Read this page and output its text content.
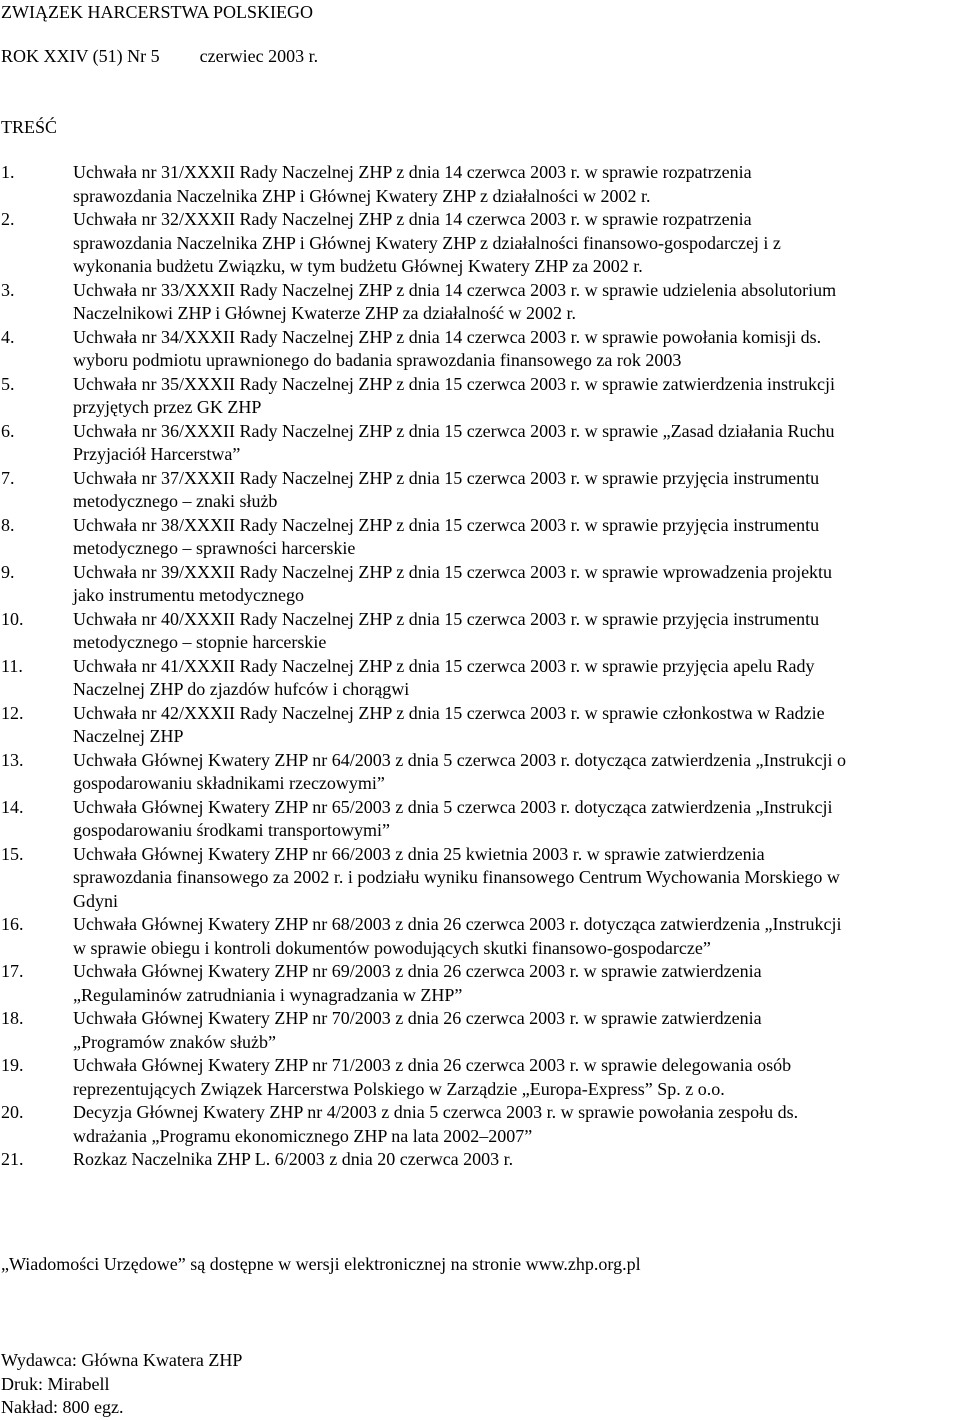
ZWIĄZEK HARCERSTWA POLSKIEGO
ROK XXIV (51) Nr 5 czerwiec 2003 r.
TREŚĆ
1.	Uchwała nr 31/XXXII Rady Naczelnej ZHP z dnia 14 czerwca 2003 r. w sprawie rozpatrzenia
sprawozdania Naczelnika ZHP i Głównej Kwatery ZHP z działalności w 2002 r.
2.	Uchwała nr 32/XXXII Rady Naczelnej ZHP z dnia 14 czerwca 2003 r. w sprawie rozpatrzenia
sprawozdania Naczelnika ZHP i Głównej Kwatery ZHP z działalności finansowo-gospodarczej i z
wykonania budżetu Związku, w tym budżetu Głównej Kwatery ZHP za 2002 r.
3.	Uchwała nr 33/XXXII Rady Naczelnej ZHP z dnia 14 czerwca 2003 r. w sprawie udzielenia absolutorium
Naczelnikowi ZHP i Głównej Kwaterze ZHP za działalność w 2002 r.
4.	Uchwała nr 34/XXXII Rady Naczelnej ZHP z dnia 14 czerwca 2003 r. w sprawie powołania komisji ds.
wyboru podmiotu uprawnionego do badania sprawozdania finansowego za rok 2003
5.	Uchwała nr 35/XXXII Rady Naczelnej ZHP z dnia 15 czerwca 2003 r. w sprawie zatwierdzenia instrukcji
przyjętych przez GK ZHP
6.	Uchwała nr 36/XXXII Rady Naczelnej ZHP z dnia 15 czerwca 2003 r. w sprawie „Zasad działania Ruchu
Przyjaciół Harcerstwa”
7.	Uchwała nr 37/XXXII Rady Naczelnej ZHP z dnia 15 czerwca 2003 r. w sprawie przyjęcia instrumentu
metodycznego – znaki służb
8.	Uchwała nr 38/XXXII Rady Naczelnej ZHP z dnia 15 czerwca 2003 r. w sprawie przyjęcia instrumentu
metodycznego – sprawności harcerskie
9.	Uchwała nr 39/XXXII Rady Naczelnej ZHP z dnia 15 czerwca 2003 r. w sprawie wprowadzenia projektu
jako instrumentu metodycznego
10.	Uchwała nr 40/XXXII Rady Naczelnej ZHP z dnia 15 czerwca 2003 r. w sprawie przyjęcia instrumentu
metodycznego – stopnie harcerskie
11.	Uchwała nr 41/XXXII Rady Naczelnej ZHP z dnia 15 czerwca 2003 r. w sprawie przyjęcia apelu Rady
Naczelnej ZHP do zjazdów hufców i chorągwi
12.	Uchwała nr 42/XXXII Rady Naczelnej ZHP z dnia 15 czerwca 2003 r. w sprawie członkostwa w Radzie
Naczelnej ZHP
13.	Uchwała Głównej Kwatery ZHP nr 64/2003 z dnia 5 czerwca 2003 r. dotycząca zatwierdzenia „Instrukcji o
gospodarowaniu składnikami rzeczowymi”
14.	Uchwała Głównej Kwatery ZHP nr 65/2003 z dnia 5 czerwca 2003 r. dotycząca zatwierdzenia „Instrukcji
gospodarowaniu środkami transportowymi”
15.	Uchwała Głównej Kwatery ZHP nr 66/2003 z dnia 25 kwietnia 2003 r. w sprawie zatwierdzenia
sprawozdania finansowego za 2002 r. i podziału wyniku finansowego Centrum Wychowania Morskiego w
Gdyni
16.	Uchwała Głównej Kwatery ZHP nr 68/2003 z dnia 26 czerwca 2003 r. dotycząca zatwierdzenia „Instrukcji
w sprawie obiegu i kontroli dokumentów powodujących skutki finansowo-gospodarcze”
17.	Uchwała Głównej Kwatery ZHP nr 69/2003 z dnia 26 czerwca 2003 r. w sprawie zatwierdzenia
„Regulaminów zatrudniania i wynagradzania w ZHP”
18.	Uchwała Głównej Kwatery ZHP nr 70/2003 z dnia 26 czerwca 2003 r. w sprawie zatwierdzenia
„Programów znaków służb”
19.	Uchwała Głównej Kwatery ZHP nr 71/2003 z dnia 26 czerwca 2003 r. w sprawie delegowania osób
reprezentujących Związek Harcerstwa Polskiego w Zarządzie „Europa-Express” Sp. z o.o.
20.	Decyzja Głównej Kwatery ZHP nr 4/2003 z dnia 5 czerwca 2003 r. w sprawie powołania zespołu ds.
wdrażania „Programu ekonomicznego ZHP na lata 2002–2007”
21.	Rozkaz Naczelnika ZHP L. 6/2003 z dnia 20 czerwca 2003 r.
„Wiadomości Urzędowe” są dostępne w wersji elektronicznej na stronie www.zhp.org.pl
Wydawca: Główna Kwatera ZHP
Druk: Mirabell
Nakład: 800 egz.
